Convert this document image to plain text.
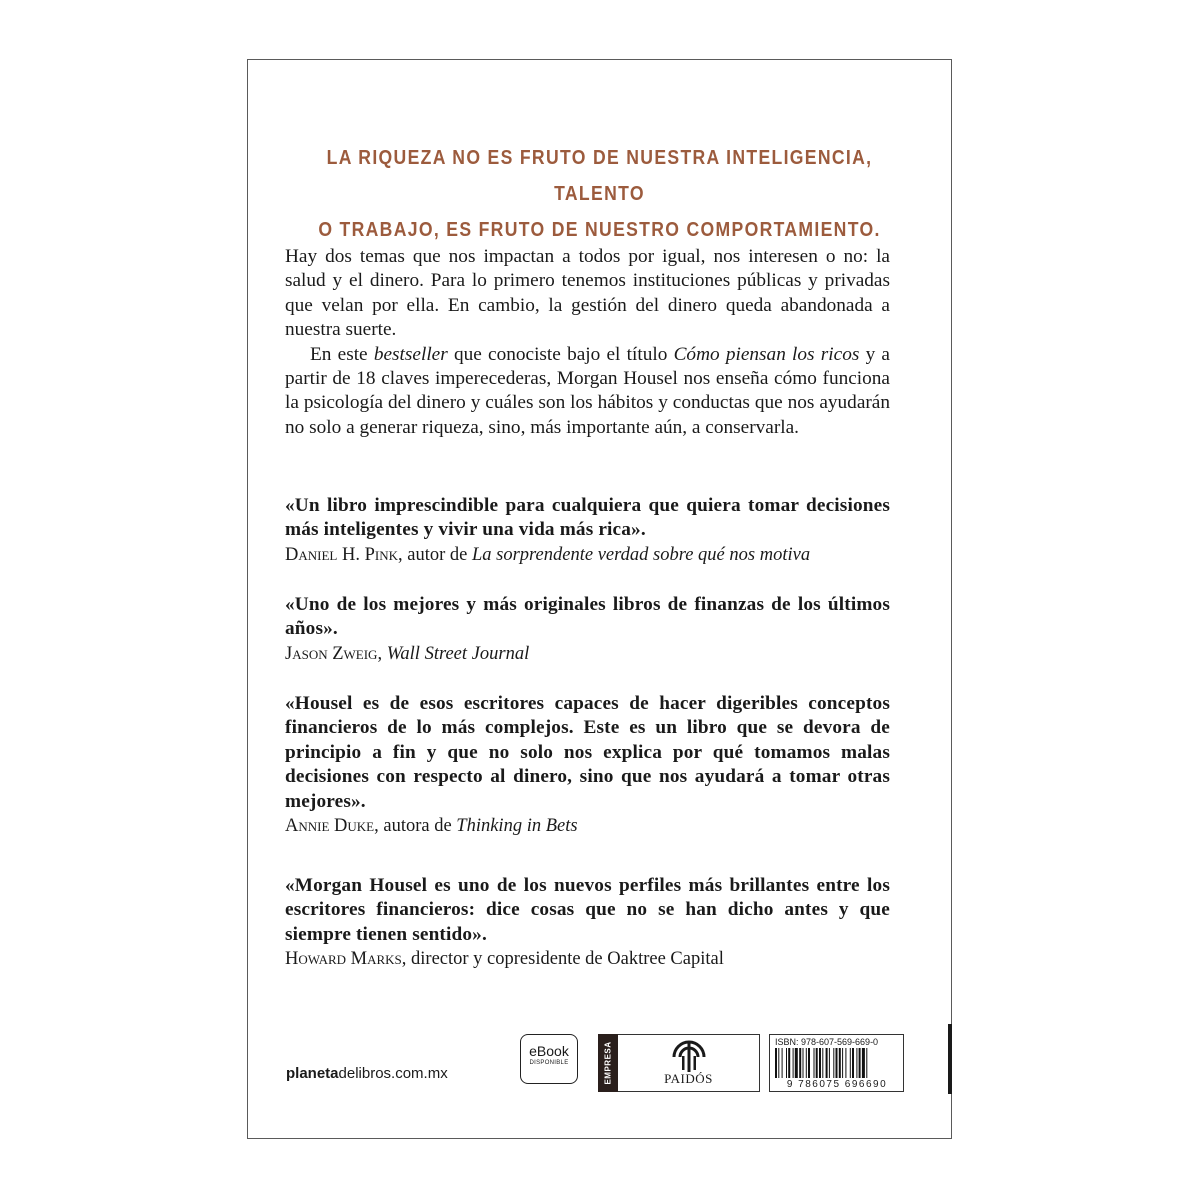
LA RIQUEZA NO ES FRUTO DE NUESTRA INTELIGENCIA, TALENTO
O TRABAJO, ES FRUTO DE NUESTRO COMPORTAMIENTO.

Hay dos temas que nos impactan a todos por igual, nos interesen o no: la salud y el dinero. Para lo primero tenemos instituciones públicas y privadas que velan por ella. En cambio, la gestión del dinero queda abandonada a nuestra suerte.

En este bestseller que conociste bajo el título Cómo piensan los ricos y a partir de 18 claves imperecederas, Morgan Housel nos enseña cómo funciona la psicología del dinero y cuáles son los hábitos y conductas que nos ayudarán no solo a generar riqueza, sino, más importante aún, a conservarla.

«Un libro imprescindible para cualquiera que quiera tomar decisiones más inteligentes y vivir una vida más rica».

Daniel H. Pink, autor de La sorprendente verdad sobre qué nos motiva

«Uno de los mejores y más originales libros de finanzas de los últimos años».

Jason Zweig, Wall Street Journal

«Housel es de esos escritores capaces de hacer digeribles conceptos financieros de lo más complejos. Este es un libro que se devora de principio a fin y que no solo nos explica por qué tomamos malas decisiones con respecto al dinero, sino que nos ayudará a tomar otras mejores».

Annie Duke, autora de Thinking in Bets

«Morgan Housel es uno de los nuevos perfiles más brillantes entre los escritores financieros: dice cosas que no se han dicho antes y que siempre tienen sentido».

Howard Marks, director y copresidente de Oaktree Capital

planetadelibros.com.mx
eBook
DISPONIBLE	EMPRESA	PAIDÓS
ISBN: 978-607-569-669-0
9 786075 696690
